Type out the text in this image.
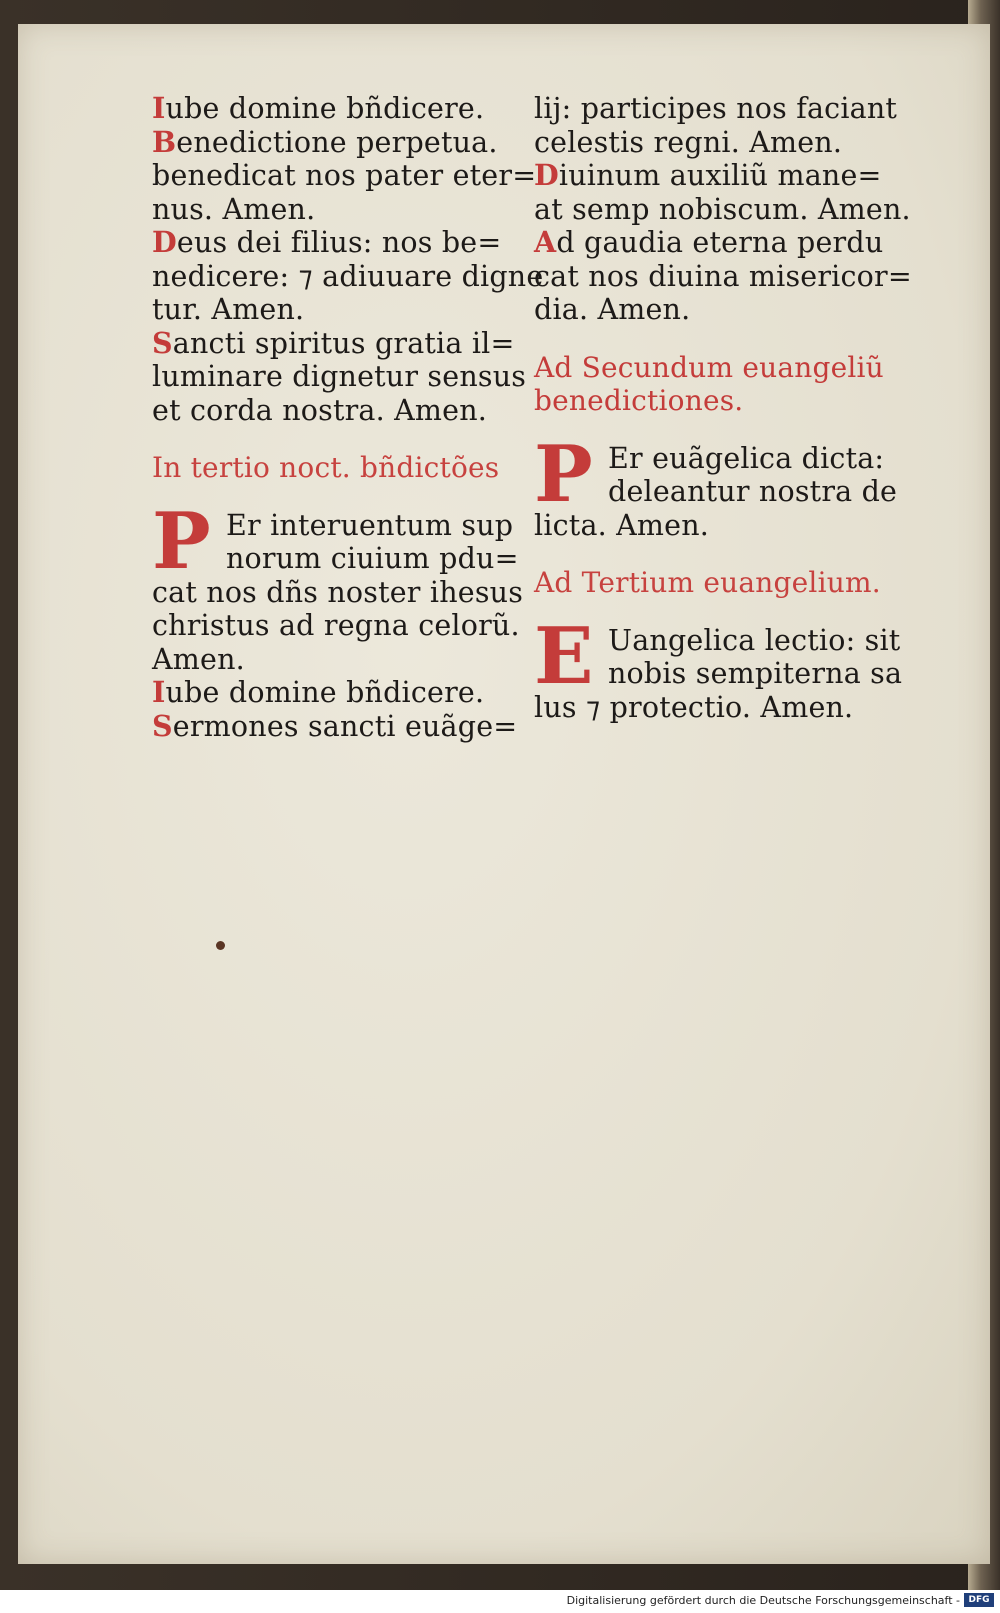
Iube domine bñdicere.
Benedictione perpetua.
benedicat nos pater eter=
nus. Amen.
Deus dei filius: nos be=
nedicere: ⁊ adiuuare digne
tur. Amen.
Sancti spiritus gratia il=
luminare dignetur sensus
et corda nostra. Amen.
In tertio noct. bñdictões
P Er interuentum sup
norum ciuium pdu=
cat nos dñs noster ihesus
christus ad regna celorũ.
Amen.
Iube domine bñdicere.
Sermones sancti euãge=
lij: participes nos faciant
celestis regni. Amen.
Diuinum auxiliũ mane=
at semp nobiscum. Amen.
Ad gaudia eterna perdu
cat nos diuina misericor=
dia. Amen.
Ad Secundum euangeliũ
benedictiones.
P Er euãgelica dicta:
deleantur nostra de
licta. Amen.
Ad Tertium euangelium.
E Uangelica lectio: sit
nobis sempiterna sa
lus ⁊ protectio. Amen.
Digitalisierung gefördert durch die Deutsche Forschungsgemeinschaft - DFG
